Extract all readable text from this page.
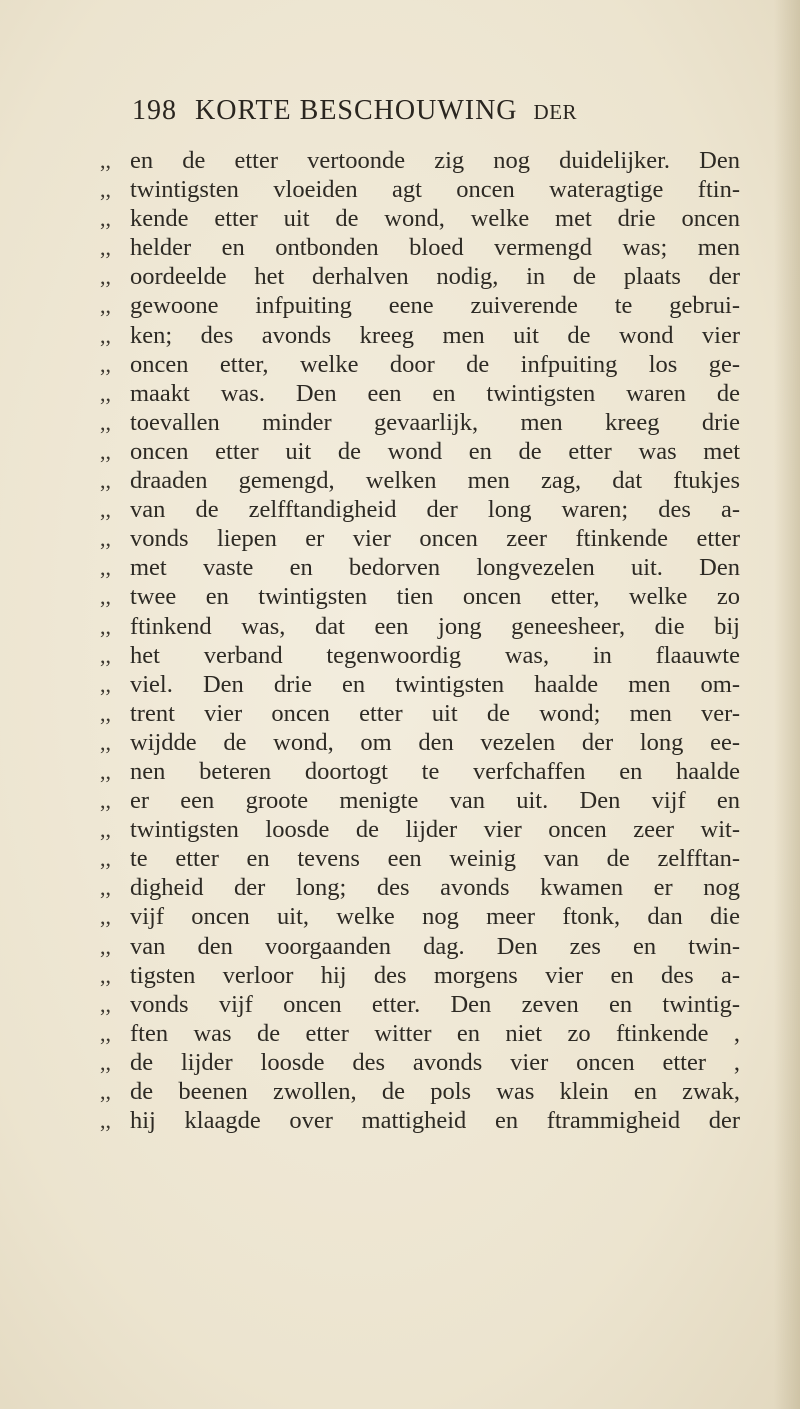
198 KORTE BESCHOUWING DER
,, en de etter vertoonde zig nog duidelijker. Den
,, twintigsten vloeiden agt oncen wateragtige ftin-
,, kende etter uit de wond, welke met drie oncen
,, helder en ontbonden bloed vermengd was; men
,, oordeelde het derhalven nodig, in de plaats der
,, gewoone infpuiting eene zuiverende te gebrui-
,, ken; des avonds kreeg men uit de wond vier
,, oncen etter, welke door de infpuiting los ge-
,, maakt was. Den een en twintigsten waren de
,, toevallen minder gevaarlijk, men kreeg drie
,, oncen etter uit de wond en de etter was met
,, draaden gemengd, welken men zag, dat ftukjes
,, van de zelfftandigheid der long waren; des a-
,, vonds liepen er vier oncen zeer ftinkende etter
,, met vaste en bedorven longvezelen uit. Den
,, twee en twintigsten tien oncen etter, welke zo
,, ftinkend was, dat een jong geneesheer, die bij
,, het verband tegenwoordig was, in flaauwte
,, viel. Den drie en twintigsten haalde men om-
,, trent vier oncen etter uit de wond; men ver-
,, wijdde de wond, om den vezelen der long ee-
,, nen beteren doortogt te verfchaffen en haalde
,, er een groote menigte van uit. Den vijf en
,, twintigsten loosde de lijder vier oncen zeer wit-
,, te etter en tevens een weinig van de zelfftan-
,, digheid der long; des avonds kwamen er nog
,, vijf oncen uit, welke nog meer ftonk, dan die
,, van den voorgaanden dag. Den zes en twin-
,, tigsten verloor hij des morgens vier en des a-
,, vonds vijf oncen etter. Den zeven en twintig-
,, ften was de etter witter en niet zo ftinkende ,
,, de lijder loosde des avonds vier oncen etter ,
,, de beenen zwollen, de pols was klein en zwak,
,, hij klaagde over mattigheid en ftrammigheid der
